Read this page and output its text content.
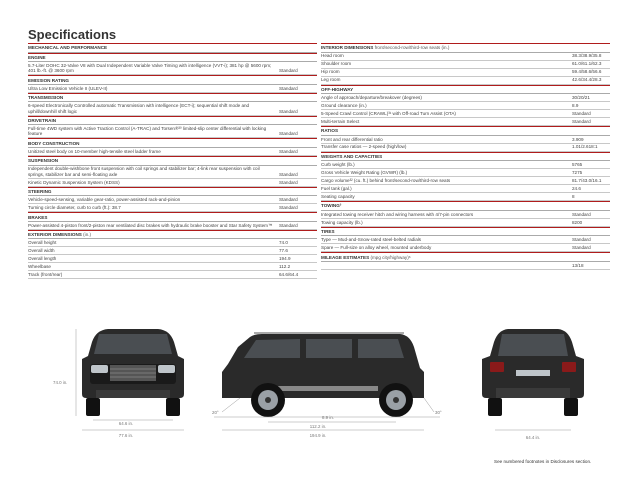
Specifications
MECHANICAL AND PERFORMANCE
ENGINE
5.7-Liter DOHC 32-Valve V8 with Dual Independent Variable Valve Timing with intelligence (VVT-i); 381 hp @ 5600 rpm; 401 lb.-ft. @ 3600 rpm	Standard
EMISSION RATING
Ultra Low Emission Vehicle II (ULEV-II)	Standard
TRANSMISSION
6-speed Electronically Controlled automatic Transmission with intelligence (ECT-i); sequential shift mode and uphill/downhill shift logic	Standard
DRIVETRAIN
Full-time 4WD system with Active Traction Control (A-TRAC) and Torsen®³⁰ limited-slip center differential with locking feature	Standard
BODY CONSTRUCTION
Unitized steel body on 10-member high-tensile steel ladder frame	Standard
SUSPENSION
Independent double-wishbone front suspension with coil springs and stabilizer bar; 4-link rear suspension with coil springs, stabilizer bar and semi-floating axle	Standard
Kinetic Dynamic Suspension System (KDSS)	Standard
STEERING
Vehicle-speed-sensing, variable gear-ratio, power-assisted rack-and-pinion	Standard
Turning circle diameter, curb to curb (ft.): 38.7	Standard
BRAKES
Power-assisted 4-piston front/2-piston rear ventilated disc brakes with hydraulic brake booster and Star Safety System™	Standard
EXTERIOR DIMENSIONS (in.)
Overall height	74.0
Overall width	77.6
Overall length	194.9
Wheelbase	112.2
Track (front/rear)	64.6/64.4
INTERIOR DIMENSIONS front/second-row/third-row seats (in.)
Head room	38.3/38.9/35.8
Shoulder room	61.0/61.1/62.3
Hip room	59.4/58.6/56.6
Leg room	42.6/34.4/28.3
OFF-HIGHWAY
Angle of approach/departure/breakover (degrees)	30/20/21
Ground clearance (in.)	8.9
5-Speed Crawl Control (CRAWL)³¹ with Off-road Turn Assist (OTA)	Standard
Multi-terrain Select	Standard
RATIOS
Front and rear differential ratio	3.909
Transfer case ratios — 2-speed (high/low)	1.01/2.618:1
WEIGHTS AND CAPACITIES
Curb weight (lb.)	5765
Gross Vehicle Weight Rating (GVWR) (lb.)	7275
Cargo volume³² (cu. ft.) behind front/second-row/third-row seats	81.7/43.0/16.1
Fuel tank (gal.)	24.6
Seating capacity	8
TOWING³
Integrated towing receiver hitch and wiring harness with 4/7-pin connectors	Standard
Towing capacity (lb.)	8200
TIRES
Type — Mud-and-Snow-rated steel-belted radials	Standard
Spare — Full-size on alloy wheel, mounted underbody	Standard
MILEAGE ESTIMATES (mpg city/highway)⁶
13/18
74.0 in.
64.6 in.
77.6 in.
20°	30°
8.9 in.
112.2 in.
194.9 in.	64.4 in.
See numbered footnotes in Disclosures section.
